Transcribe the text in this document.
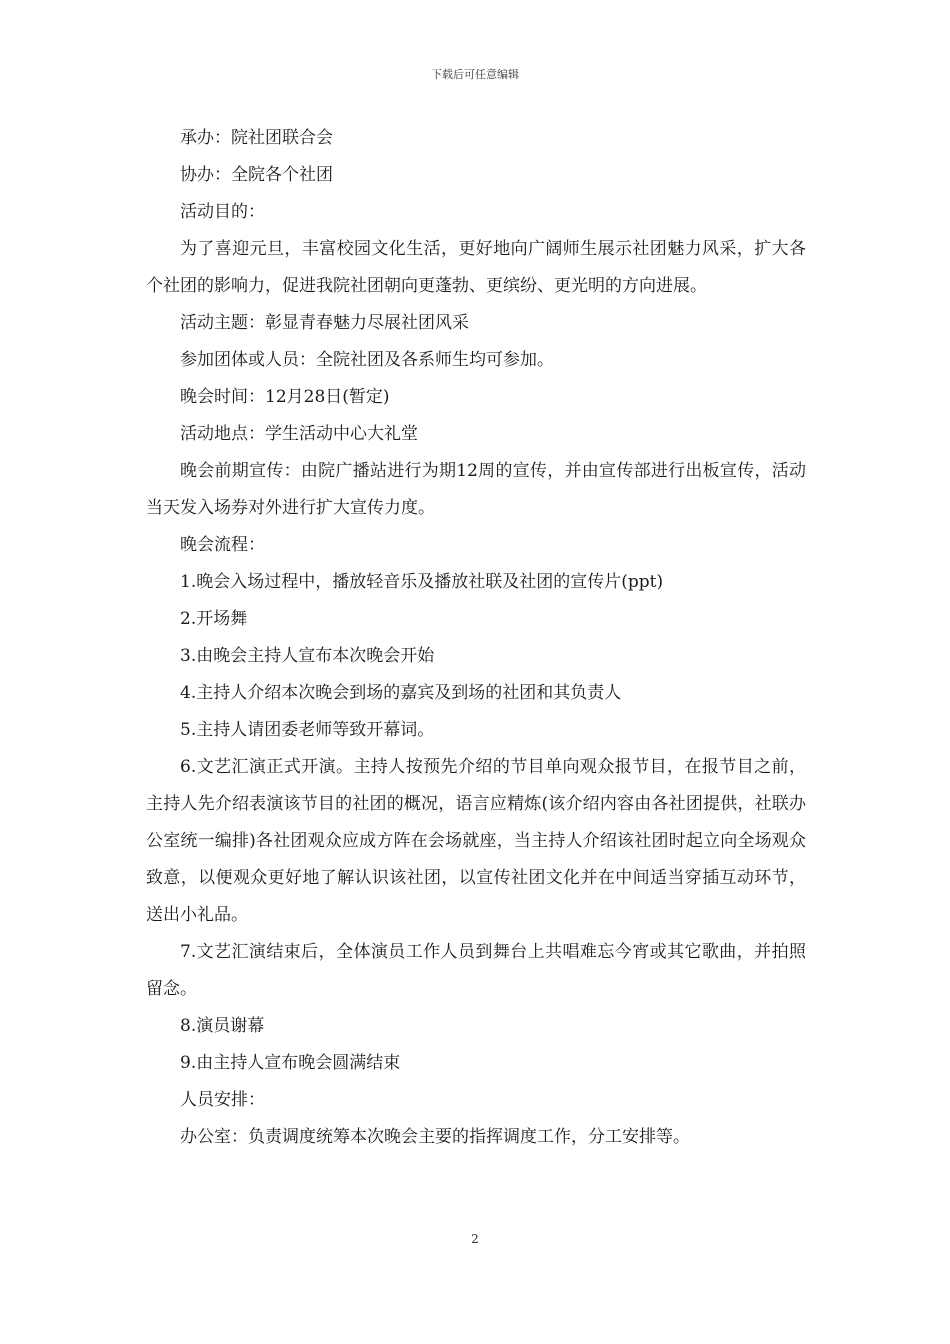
下载后可任意编辑

承办：院社团联合会

协办：全院各个社团

活动目的：

为了喜迎元旦，丰富校园文化生活，更好地向广阔师生展示社团魅力风采，扩大各个社团的影响力，促进我院社团朝向更蓬勃、更缤纷、更光明的方向进展。

活动主题：彰显青春魅力尽展社团风采

参加团体或人员：全院社团及各系师生均可参加。

晚会时间：12月28日(暂定)

活动地点：学生活动中心大礼堂

晚会前期宣传：由院广播站进行为期12周的宣传，并由宣传部进行出板宣传，活动当天发入场券对外进行扩大宣传力度。

晚会流程：

1.晚会入场过程中，播放轻音乐及播放社联及社团的宣传片(ppt)

2.开场舞

3.由晚会主持人宣布本次晚会开始

4.主持人介绍本次晚会到场的嘉宾及到场的社团和其负责人

5.主持人请团委老师等致开幕词。

6.文艺汇演正式开演。主持人按预先介绍的节目单向观众报节目，在报节目之前，主持人先介绍表演该节目的社团的概况，语言应精炼(该介绍内容由各社团提供，社联办公室统一编排)各社团观众应成方阵在会场就座，当主持人介绍该社团时起立向全场观众致意，以便观众更好地了解认识该社团，以宣传社团文化并在中间适当穿插互动环节，送出小礼品。

7.文艺汇演结束后，全体演员工作人员到舞台上共唱难忘今宵或其它歌曲，并拍照留念。

8.演员谢幕

9.由主持人宣布晚会圆满结束

人员安排：

办公室：负责调度统筹本次晚会主要的指挥调度工作，分工安排等。

2
